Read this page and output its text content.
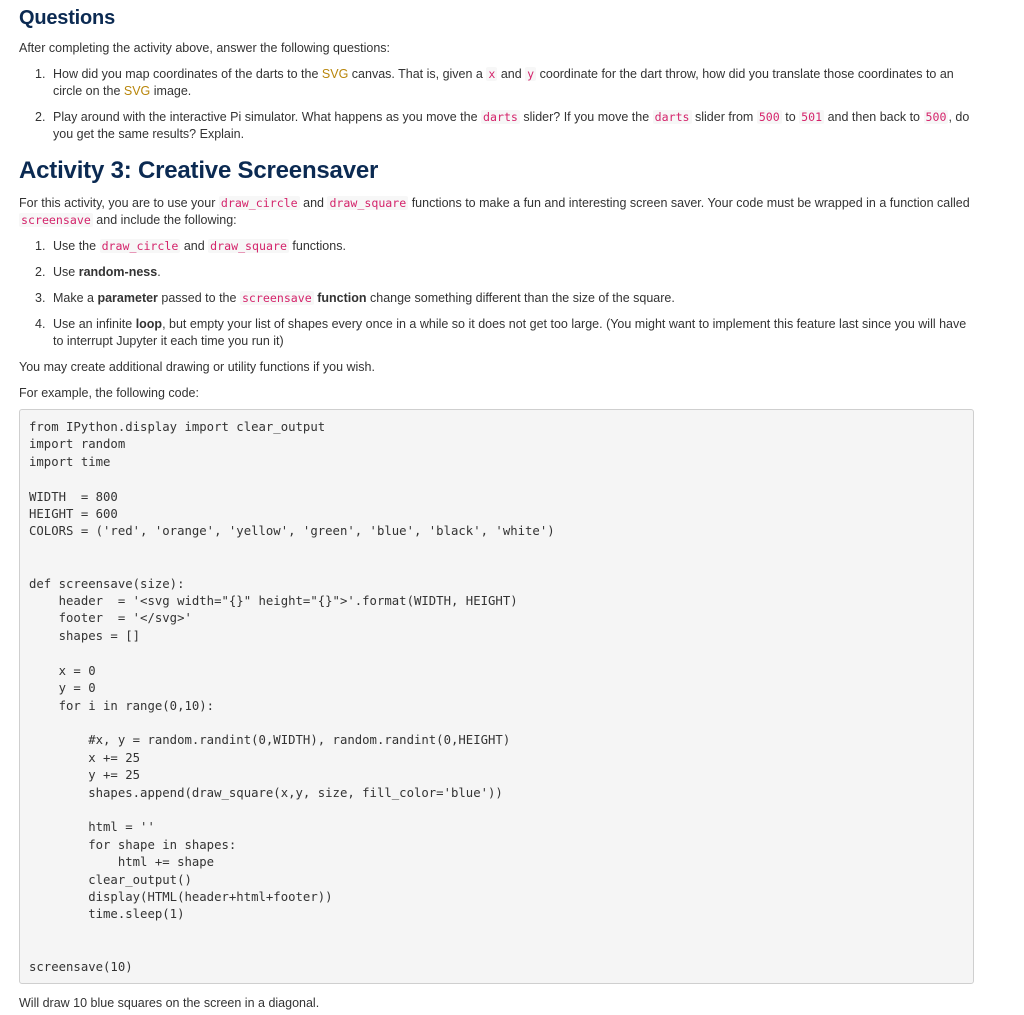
Questions

After completing the activity above, answer the following questions:

1. How did you map coordinates of the darts to the SVG canvas. That is, given a x and y coordinate for the dart throw, how did you translate those coordinates to an circle on the SVG image.
2. Play around with the interactive Pi simulator. What happens as you move the darts slider? If you move the darts slider from 500 to 501 and then back to 500 , do you get the same results? Explain.
Activity 3: Creative Screensaver

For this activity, you are to use your draw_circle and draw_square functions to make a fun and interesting screen saver. Your code must be wrapped in a function called screensave and include the following:

1. Use the draw_circle and draw_square functions.
2. Use random-ness.
3. Make a parameter passed to the screensave function change something different than the size of the square.
4. Use an infinite loop, but empty your list of shapes every once in a while so it does not get too large. (You might want to implement this feature last since you will have to interrupt Jupyter it each time you run it)

You may create additional drawing or utility functions if you wish.

For example, the following code:

from IPython.display import clear_output
import random
import time

WIDTH  = 800
HEIGHT = 600
COLORS = ('red', 'orange', 'yellow', 'green', 'blue', 'black', 'white')

def screensave(size):
header  = '<svg width="{}" height="{}">'.format(WIDTH, HEIGHT)
footer  = '</svg>'
shapes = []

x = 0
y = 0
for i in range(0,10):

#x, y = random.randint(0,WIDTH), random.randint(0,HEIGHT)
x += 25
y += 25
shapes.append(draw_square(x,y, size, fill_color='blue'))

html = ''
for shape in shapes:
html += shape
clear_output()
display(HTML(header+html+footer))
time.sleep(1)

screensave(10)

Will draw 10 blue squares on the screen in a diagonal.
